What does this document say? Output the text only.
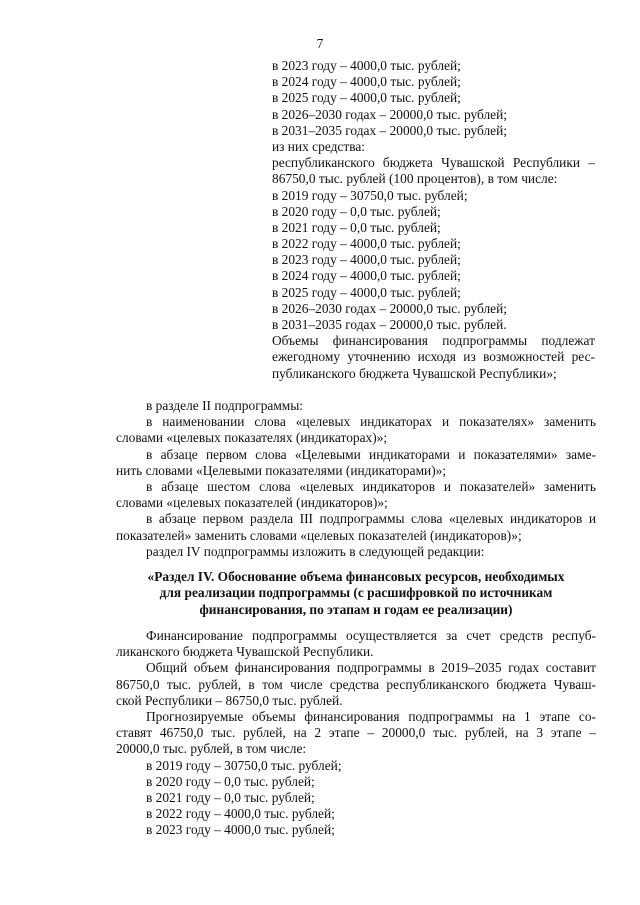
7
в 2023 году – 4000,0 тыс. рублей;
в 2024 году – 4000,0 тыс. рублей;
в 2025 году – 4000,0 тыс. рублей;
в 2026–2030 годах – 20000,0 тыс. рублей;
в 2031–2035 годах – 20000,0 тыс. рублей;
из них средства:
республиканского бюджета Чувашской Республики –
86750,0 тыс. рублей (100 процентов), в том числе:
в 2019 году – 30750,0 тыс. рублей;
в 2020 году – 0,0 тыс. рублей;
в 2021 году – 0,0 тыс. рублей;
в 2022 году – 4000,0 тыс. рублей;
в 2023 году – 4000,0 тыс. рублей;
в 2024 году – 4000,0 тыс. рублей;
в 2025 году – 4000,0 тыс. рублей;
в 2026–2030 годах – 20000,0 тыс. рублей;
в 2031–2035 годах – 20000,0 тыс. рублей.
Объемы финансирования подпрограммы подлежат
ежегодному уточнению исходя из возможностей рес-
публиканского бюджета Чувашской Республики»;
в разделе II подпрограммы:
в наименовании слова «целевых индикаторах и показателях» заменить
словами «целевых показателях (индикаторах)»;
в абзаце первом слова «Целевыми индикаторами и показателями» заме-
нить словами «Целевыми показателями (индикаторами)»;
в абзаце шестом слова «целевых индикаторов и показателей» заменить
словами «целевых показателей (индикаторов)»;
в абзаце первом раздела III подпрограммы слова «целевых индикаторов и
показателей» заменить словами «целевых показателей (индикаторов)»;
раздел IV подпрограммы изложить в следующей редакции:
«Раздел IV. Обоснование объема финансовых ресурсов, необходимых
для реализации подпрограммы (с расшифровкой по источникам
финансирования, по этапам и годам ее реализации)
Финансирование подпрограммы осуществляется за счет средств респуб-
ликанского бюджета Чувашской Республики.
Общий объем финансирования подпрограммы в 2019–2035 годах составит
86750,0 тыс. рублей, в том числе средства республиканского бюджета Чуваш-
ской Республики – 86750,0 тыс. рублей.
Прогнозируемые объемы финансирования подпрограммы на 1 этапе со-
ставят 46750,0 тыс. рублей, на 2 этапе – 20000,0 тыс. рублей, на 3 этапе –
20000,0 тыс. рублей, в том числе:
в 2019 году – 30750,0 тыс. рублей;
в 2020 году – 0,0 тыс. рублей;
в 2021 году – 0,0 тыс. рублей;
в 2022 году – 4000,0 тыс. рублей;
в 2023 году – 4000,0 тыс. рублей;
